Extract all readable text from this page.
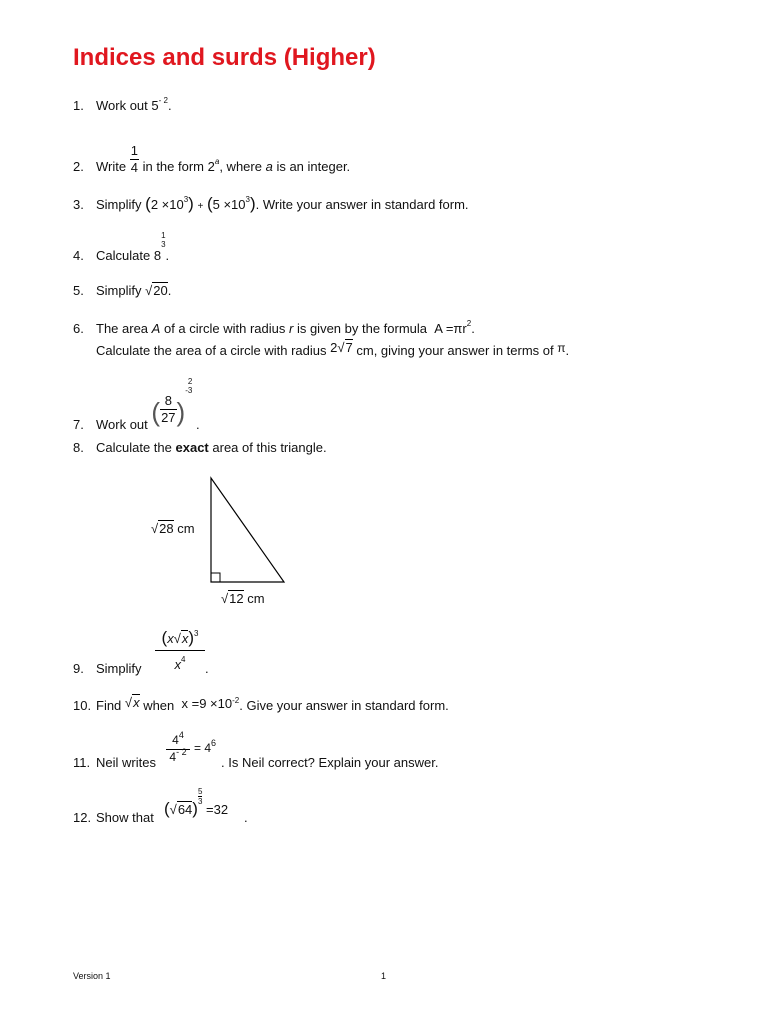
Indices and surds (Higher)
1. Work out $5^{- 2}$.
2. Write $\frac{1}{4}$ in the form 2$^a$, where a is an integer.
3. Simplify $(2 \times 10^3) + (5 \times 10^3)$. Write your answer in standard form.
4. Calculate 8
1
3
.
5. Simplify √20.
6. The area A of a circle with radius r is given by the formula $A =\pi r^2$.
Calculate the area of a circle with radius 2√7 cm, giving your answer in terms of π.
7. Work out ( $\frac{8}{27}$ )-
2
3
.
8. Calculate the exact area of this triangle.
√28 cm
√12 cm
9. Simplify
$(x√x)^3$
$x^4$
.
10. Find √x when $x =9 \times 10^{-2}$. Give your answer in standard form.
11. Neil writes
$4^4$
$4^{- 2} = 4^6$
. Is Neil correct? Explain your answer.
12. Show that (√64)
$\frac{5}{3}$
=32
.
Version 1	1
